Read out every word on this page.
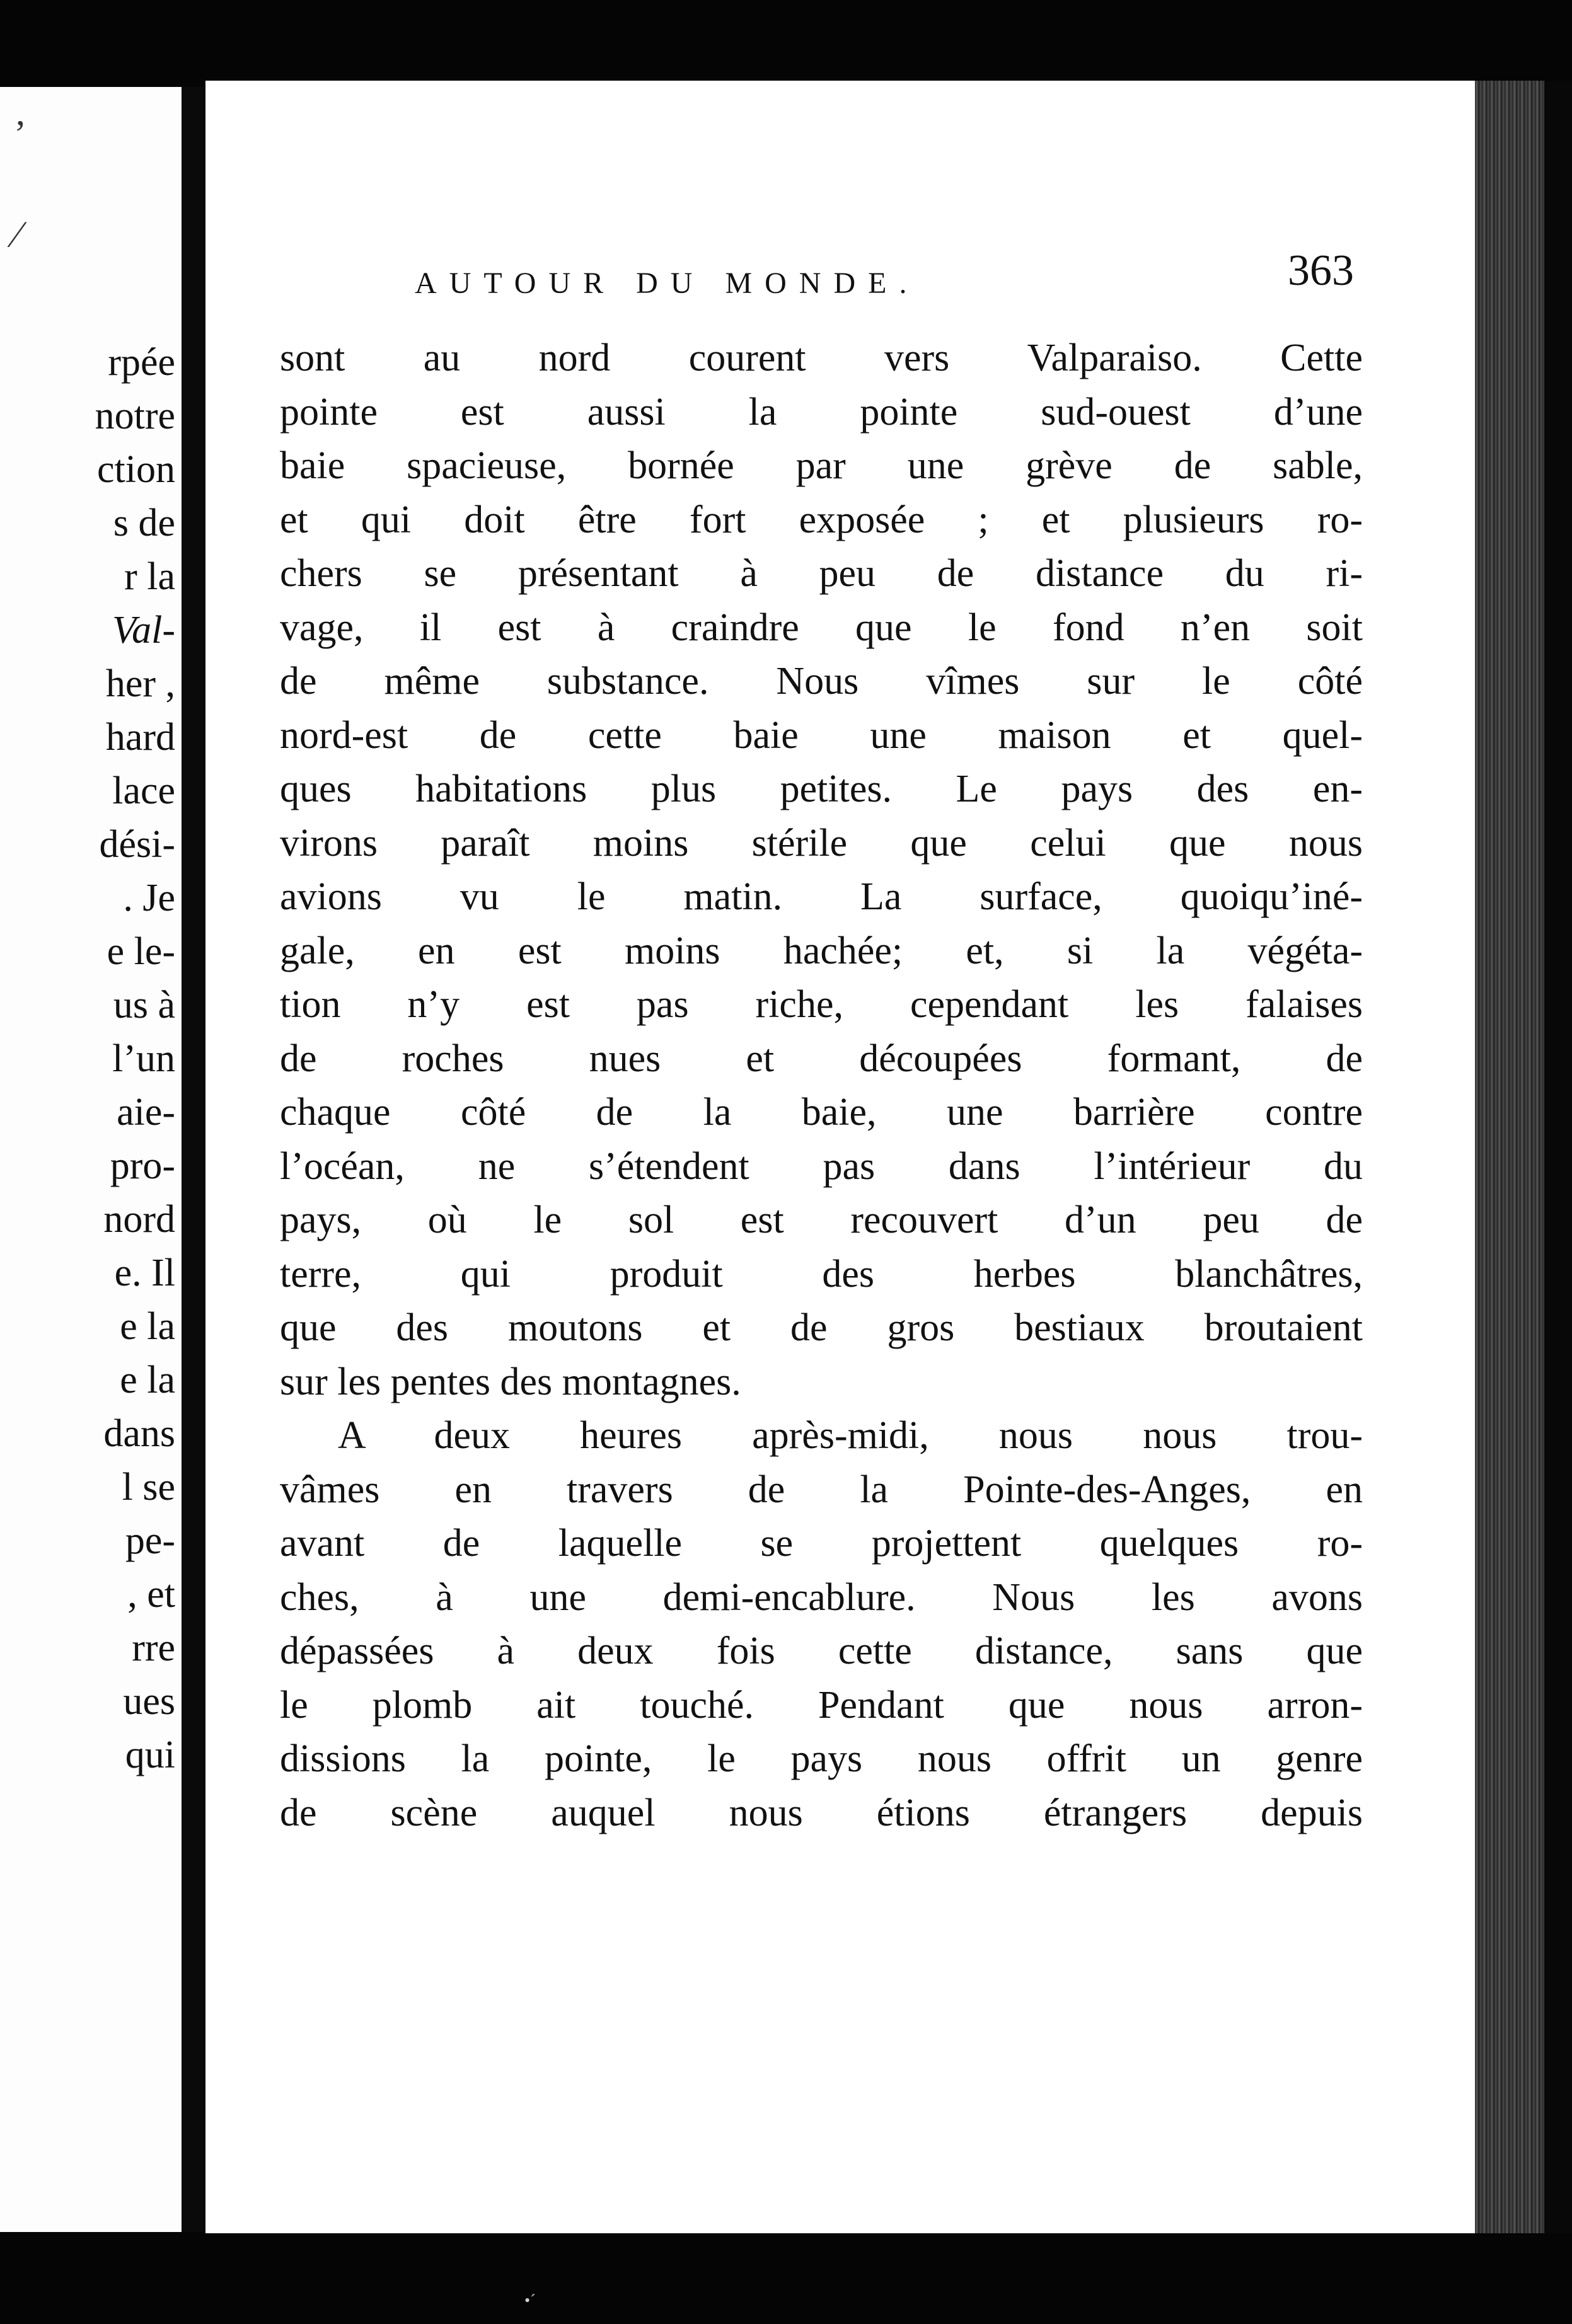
ʼ
⁄
rpée
notre
ction
s de
r la
Val-
her ,
hard
lace
dési-
. Je
e le-
us à
l’un
aie-
pro-
nord
e. Il
e la
e la
dans
l se
pe-
, et
rre
ues
qui
AUTOUR DU MONDE.	363
sont au nord courent vers Valparaiso. Cette
pointe est aussi la pointe sud-ouest d’une
baie spacieuse, bornée par une grève de sable,
et qui doit être fort exposée ; et plusieurs ro-
chers se présentant à peu de distance du ri-
vage, il est à craindre que le fond n’en soit
de même substance. Nous vîmes sur le côté
nord-est de cette baie une maison et quel-
ques habitations plus petites. Le pays des en-
virons paraît moins stérile que celui que nous
avions vu le matin. La surface, quoiqu’iné-
gale, en est moins hachée; et, si la végéta-
tion n’y est pas riche, cependant les falaises
de roches nues et découpées formant, de
chaque côté de la baie, une barrière contre
l’océan, ne s’étendent pas dans l’intérieur du
pays, où le sol est recouvert d’un peu de
terre, qui produit des herbes blanchâtres,
que des moutons et de gros bestiaux broutaient
sur les pentes des montagnes.
A deux heures après-midi, nous nous trou-
vâmes en travers de la Pointe-des-Anges, en
avant de laquelle se projettent quelques ro-
ches, à une demi-encablure. Nous les avons
dépassées à deux fois cette distance, sans que
le plomb ait touché. Pendant que nous arron-
dissions la pointe, le pays nous offrit un genre
de scène auquel nous étions étrangers depuis
•´
